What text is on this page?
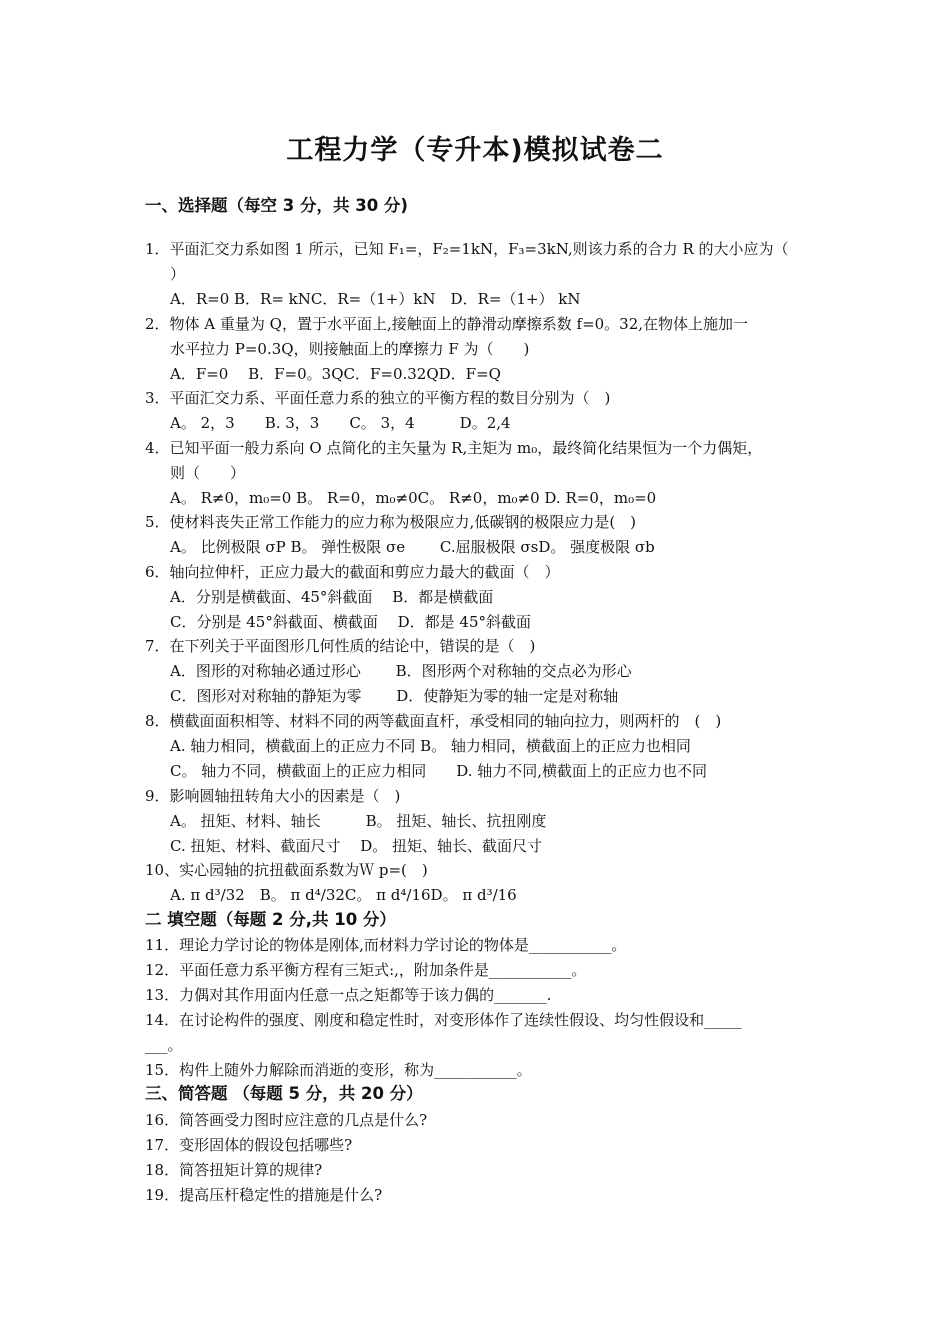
工程力学（专升本)模拟试卷二
一、选择题（每空 3 分，共 30 分)
1．平面汇交力系如图 1 所示，已知 F₁=，F₂=1kN，F₃=3kN,则该力系的合力 R 的大小应为（
）
A．R=0 B．R= kNC．R=（1+）kN　D．R=（1+） kN
2．物体 A 重量为 Q，置于水平面上,接触面上的静滑动摩擦系数 f=0。32,在物体上施加一
水平拉力 P=0.3Q，则接触面上的摩擦力 F 为（　　)
A．F=0　 B．F=0。3QC．F=0.32QD．F=Q
3．平面汇交力系、平面任意力系的独立的平衡方程的数目分别为（　)
A。 2，3　　B. 3，3　　C。 3，4　　　D。2,4
4．已知平面一般力系向 O 点简化的主矢量为 R,主矩为 m₀，最终简化结果恒为一个力偶矩，
则（　　）
A。 R≠0，m₀=0 B。 R=0，m₀≠0C。 R≠0，m₀≠0 D. R=0，m₀=0
5．使材料丧失正常工作能力的应力称为极限应力,低碳钢的极限应力是(　)
A。 比例极限 σP B。 弹性极限 σe　　 C.屈服极限 σsD。 强度极限 σb
6．轴向拉伸杆，正应力最大的截面和剪应力最大的截面（　）
A．分别是横截面、45°斜截面　 B．都是横截面
C．分别是 45°斜截面、横截面　 D．都是 45°斜截面
7．在下列关于平面图形几何性质的结论中，错误的是（　)
A．图形的对称轴必通过形心　　 B．图形两个对称轴的交点必为形心
C．图形对对称轴的静矩为零　　 D．使静矩为零的轴一定是对称轴
8．横截面面积相等、材料不同的两等截面直杆，承受相同的轴向拉力，则两杆的　(　)
A. 轴力相同，横截面上的正应力不同 B。 轴力相同，横截面上的正应力也相同
C。 轴力不同，横截面上的正应力相同　　D. 轴力不同,横截面上的正应力也不同
9．影响圆轴扭转角大小的因素是（　)
A。 扭矩、材料、轴长　　　B。 扭矩、轴长、抗扭刚度
C. 扭矩、材料、截面尺寸　 D。 扭矩、轴长、截面尺寸
10、实心园轴的抗扭截面系数为Ｗ p=(　)
A. π d³/32　B。 π d⁴/32C。 π d⁴/16D。 π d³/16
二 填空题（每题 2 分,共 10 分）
11．理论力学讨论的物体是刚体,而材料力学讨论的物体是___________。
12．平面任意力系平衡方程有三矩式:,，附加条件是___________。
13．力偶对其作用面内任意一点之矩都等于该力偶的_______.
14．在讨论构件的强度、刚度和稳定性时，对变形体作了连续性假设、均匀性假设和_____
___。
15．构件上随外力解除而消逝的变形，称为___________。
三、简答题 （每题 5 分，共 20 分）
16．简答画受力图时应注意的几点是什么?
17．变形固体的假设包括哪些?
18．简答扭矩计算的规律?
19．提高压杆稳定性的措施是什么?
